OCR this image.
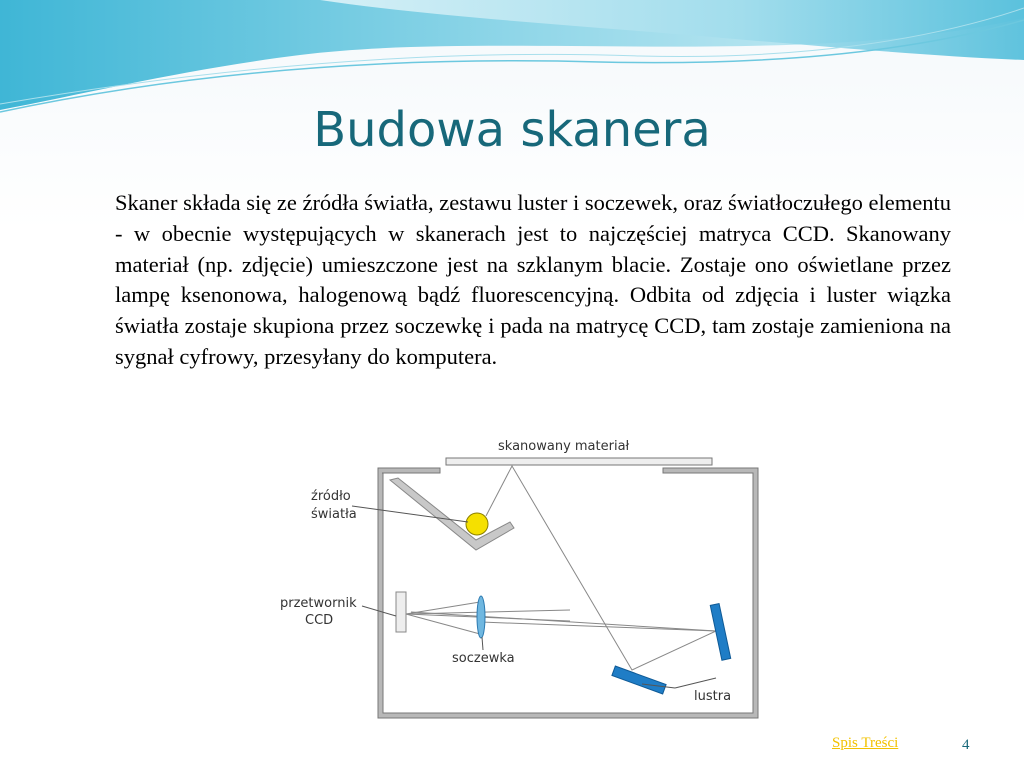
Budowa skanera

Skaner składa się ze źródła światła, zestawu luster i soczewek, oraz światłoczułego elementu - w obecnie występujących w skanerach jest to najczęściej matryca CCD. Skanowany materiał (np. zdjęcie) umieszczone jest na szklanym blacie. Zostaje ono oświetlane przez lampę ksenonowa, halogenową bądź fluorescencyjną. Odbita od zdjęcia i luster wiązka światła zostaje skupiona przez soczewkę i pada na matrycę CCD, tam zostaje zamieniona na sygnał cyfrowy, przesyłany do komputera.

skanowany materiał
źródło
światła
przetwornik
CCD
soczewka
lustra
Spis Treści	4
